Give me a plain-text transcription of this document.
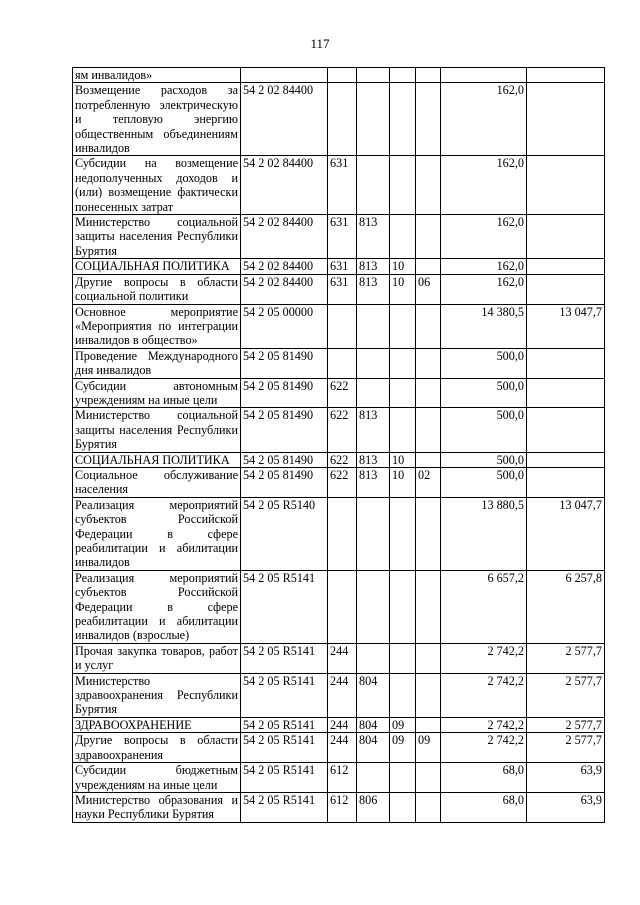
117
ям инвалидов»							
Возмещение расходов за потребленную электрическую и тепловую энергию общественным объединениям инвалидов	54 2 02 84400					162,0	
Субсидии на возмещение недополученных доходов и (или) возмещение фактически понесенных затрат	54 2 02 84400	631				162,0	
Министерство социальной защиты населения Республики Бурятия	54 2 02 84400	631	813			162,0	
СОЦИАЛЬНАЯ ПОЛИТИКА	54 2 02 84400	631	813	10		162,0	
Другие вопросы в области социальной политики	54 2 02 84400	631	813	10	06	162,0	
Основное мероприятие «Мероприятия по интеграции инвалидов в общество»	54 2 05 00000					14 380,5	13 047,7
Проведение Международного дня инвалидов	54 2 05 81490					500,0	
Субсидии автономным учреждениям на иные цели	54 2 05 81490	622				500,0	
Министерство социальной защиты населения Республики Бурятия	54 2 05 81490	622	813			500,0	
СОЦИАЛЬНАЯ ПОЛИТИКА	54 2 05 81490	622	813	10		500,0	
Социальное обслуживание населения	54 2 05 81490	622	813	10	02	500,0	
Реализация мероприятий субъектов Российской Федерации в сфере реабилитации и абилитации инвалидов	54 2 05 R5140					13 880,5	13 047,7
Реализация мероприятий субъектов Российской Федерации в сфере реабилитации и абилитации инвалидов (взрослые)	54 2 05 R5141					6 657,2	6 257,8
Прочая закупка товаров, работ и услуг	54 2 05 R5141	244				2 742,2	2 577,7
Министерство здравоохранения Республики Бурятия	54 2 05 R5141	244	804			2 742,2	2 577,7
ЗДРАВООХРАНЕНИЕ	54 2 05 R5141	244	804	09		2 742,2	2 577,7
Другие вопросы в области здравоохранения	54 2 05 R5141	244	804	09	09	2 742,2	2 577,7
Субсидии бюджетным учреждениям на иные цели	54 2 05 R5141	612				68,0	63,9
Министерство образования и науки Республики Бурятия	54 2 05 R5141	612	806			68,0	63,9
